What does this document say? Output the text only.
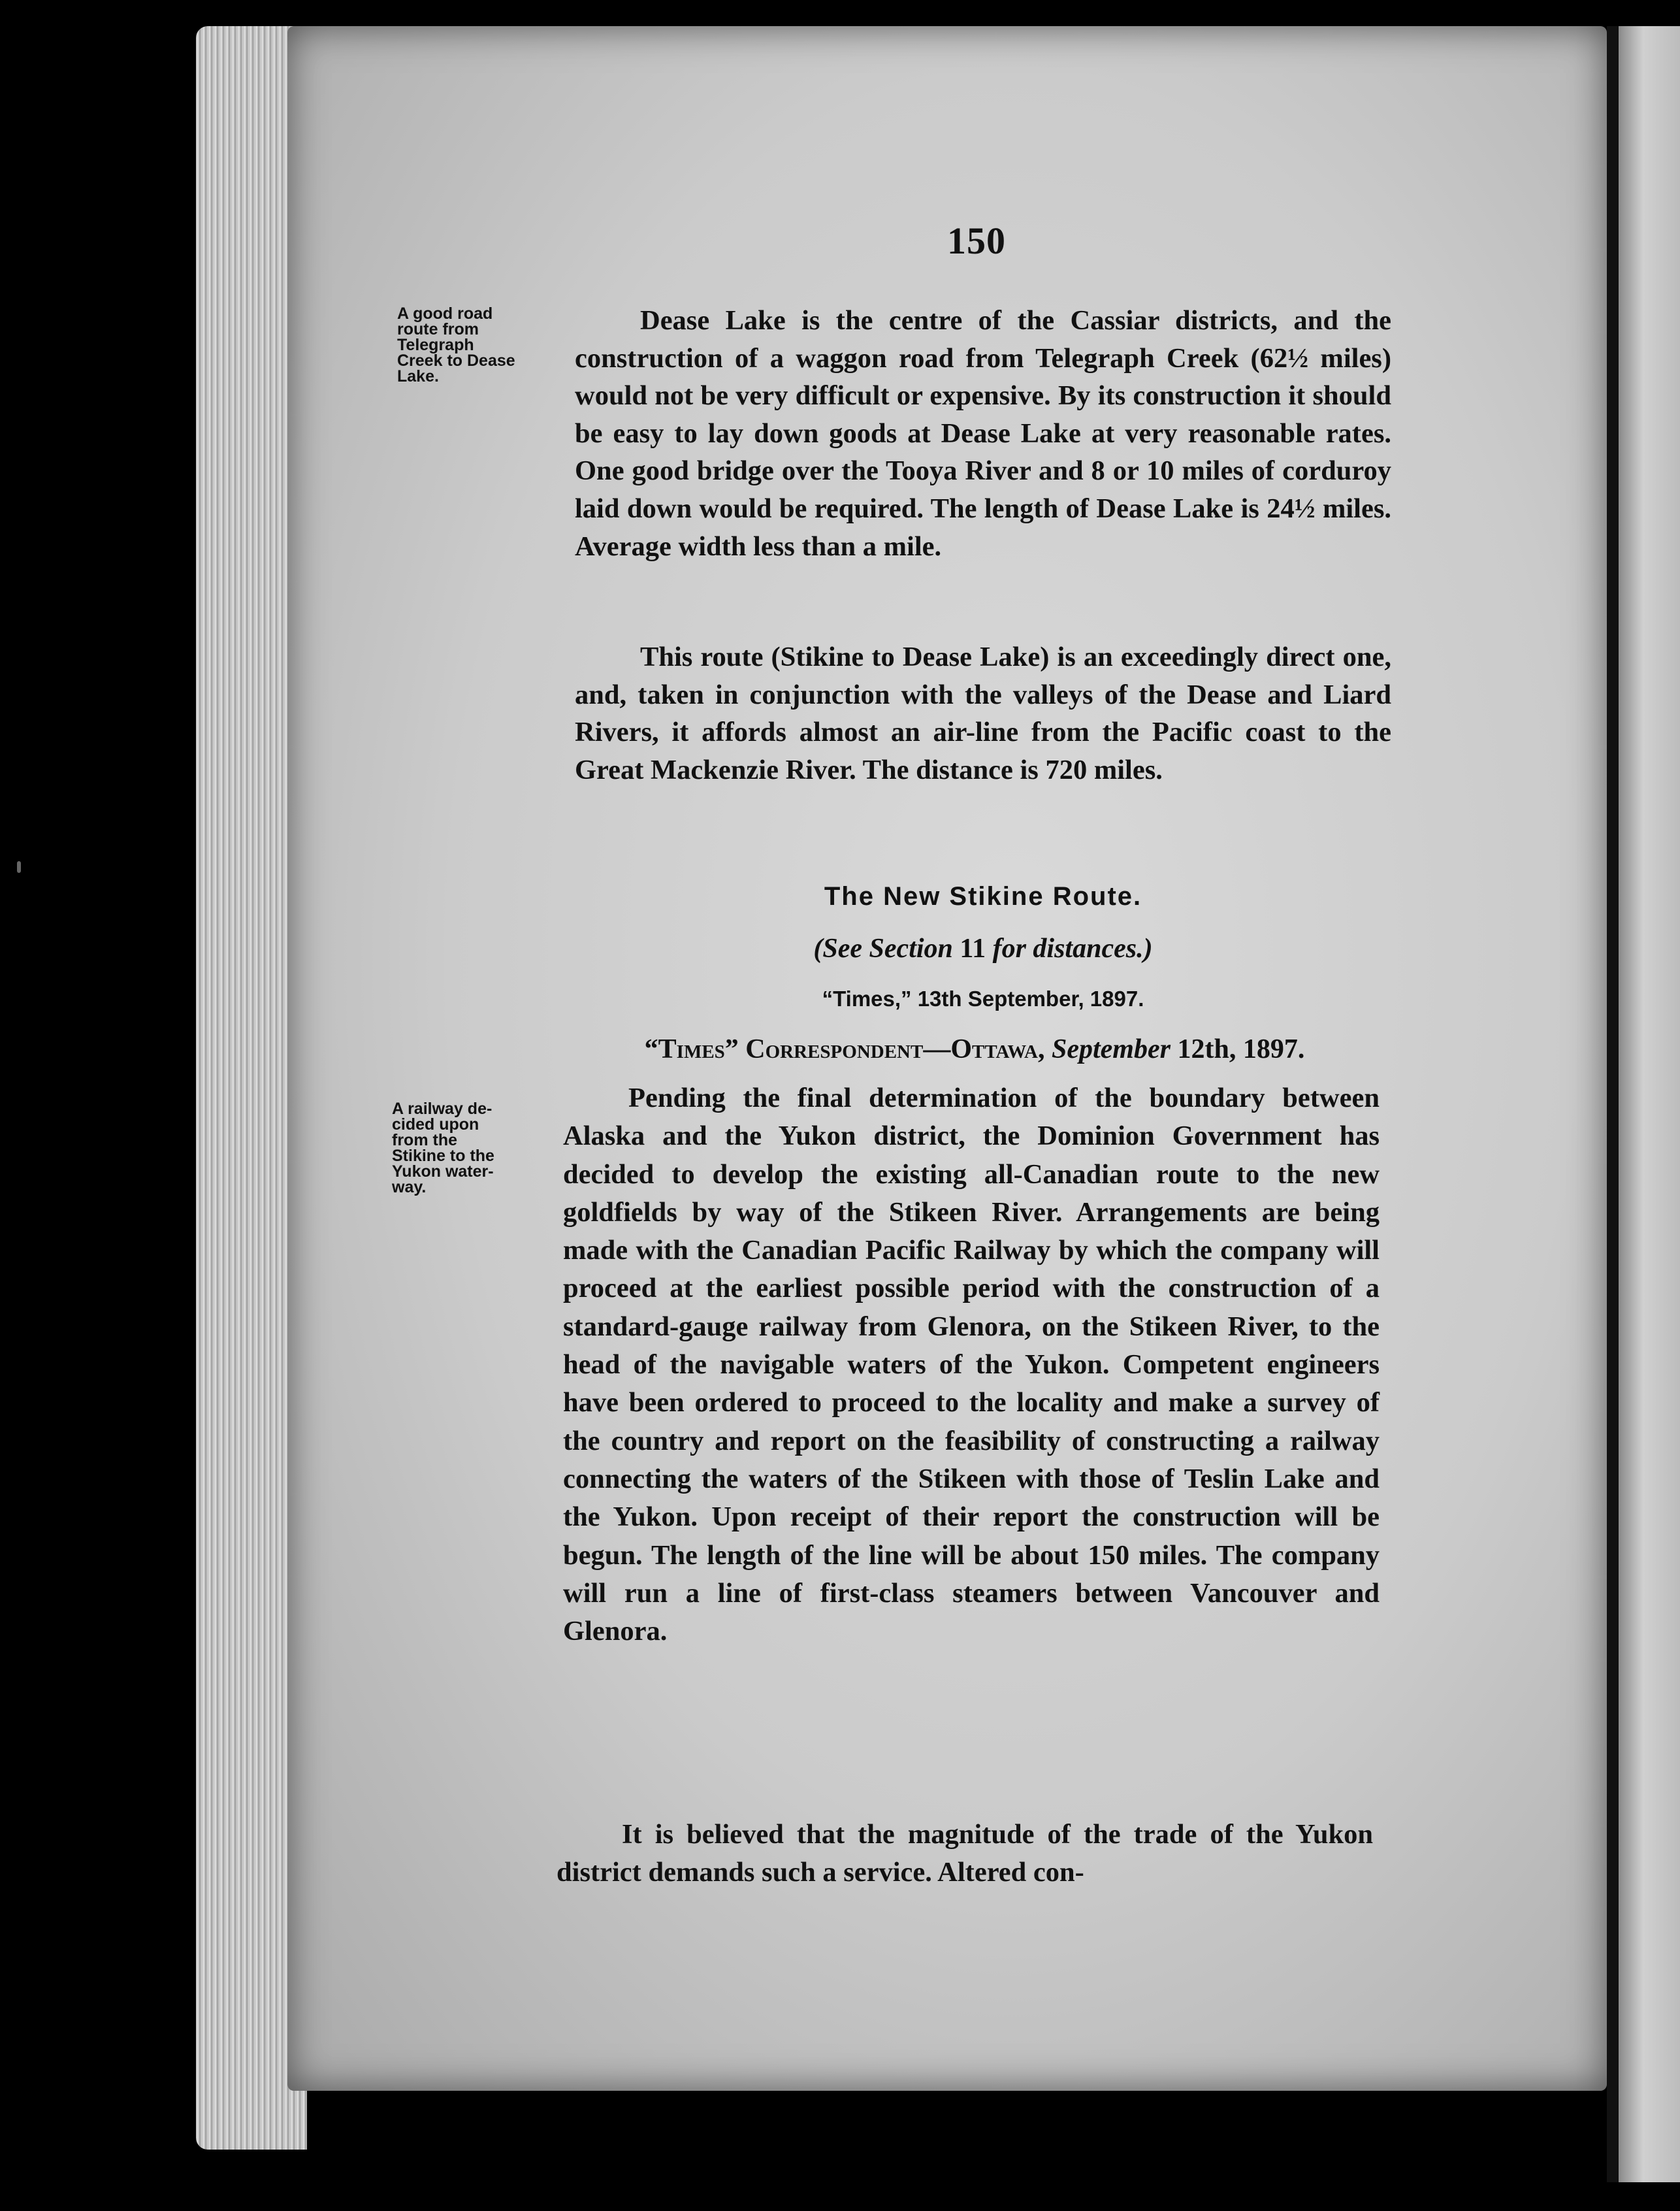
150
A good road
route from
Telegraph
Creek to Dease
Lake.

Dease Lake is the centre of the Cassiar districts, and the construction of a waggon road from Telegraph Creek (62½ miles) would not be very difficult or expensive. By its construction it should be easy to lay down goods at Dease Lake at very reasonable rates. One good bridge over the Tooya River and 8 or 10 miles of corduroy laid down would be required. The length of Dease Lake is 24½ miles. Average width less than a mile.

This route (Stikine to Dease Lake) is an exceedingly direct one, and, taken in conjunction with the valleys of the Dease and Liard Rivers, it affords almost an air-line from the Pacific coast to the Great Mackenzie River. The distance is 720 miles.

The New Stikine Route.
(See Section 11 for distances.)
“Times,” 13th September, 1897.
“Times” Correspondent—Ottawa, September 12th, 1897.
A railway de-
cided upon
from the
Stikine to the
Yukon water-
way.

Pending the final determination of the boundary between Alaska and the Yukon district, the Dominion Government has decided to develop the existing all-Canadian route to the new goldfields by way of the Stikeen River. Arrangements are being made with the Canadian Pacific Railway by which the company will proceed at the earliest possible period with the construction of a standard-gauge railway from Glenora, on the Stikeen River, to the head of the navigable waters of the Yukon. Competent engineers have been ordered to proceed to the locality and make a survey of the country and report on the feasibility of constructing a railway connecting the waters of the Stikeen with those of Teslin Lake and the Yukon. Upon receipt of their report the construction will be begun. The length of the line will be about 150 miles. The company will run a line of first-class steamers between Vancouver and Glenora.

It is believed that the magnitude of the trade of the Yukon district demands such a service. Altered con-
